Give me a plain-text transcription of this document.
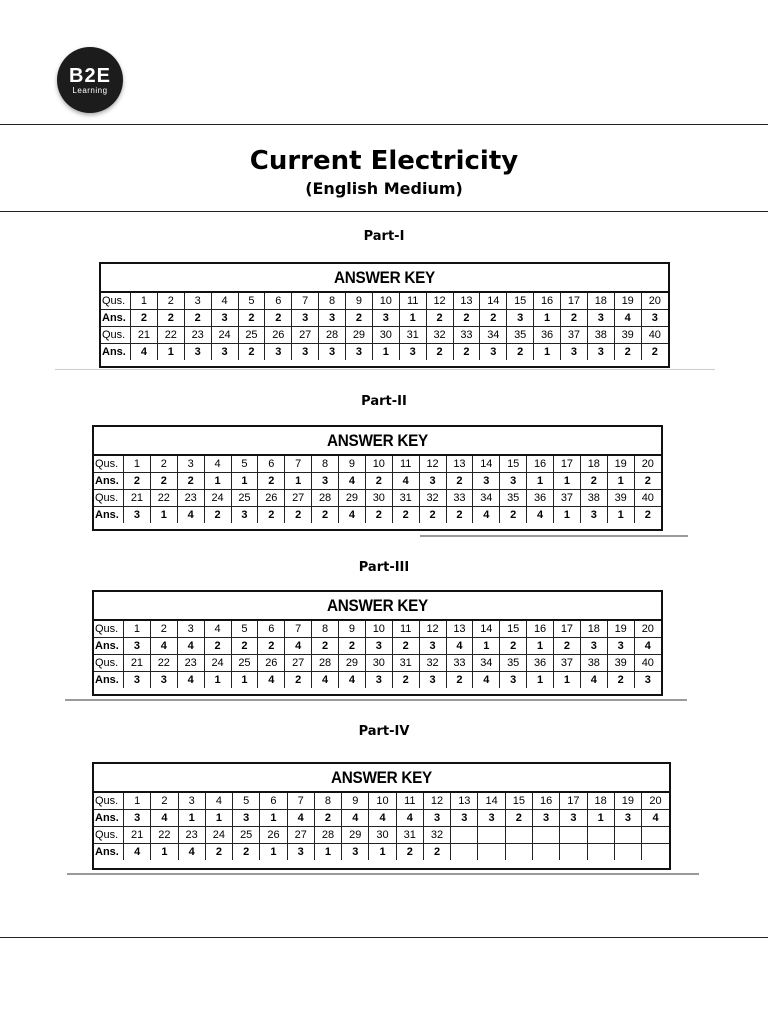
B2E
Learning
Current Electricity
(English Medium)
Part-I
ANSWER KEY
Qus.	1	2	3	4	5	6	7	8	9	10	11	12	13	14	15	16	17	18	19	20
Ans.	2	2	2	3	2	2	3	3	2	3	1	2	2	2	3	1	2	3	4	3
Qus.	21	22	23	24	25	26	27	28	29	30	31	32	33	34	35	36	37	38	39	40
Ans.	4	1	3	3	2	3	3	3	3	1	3	2	2	3	2	1	3	3	2	2
Part-II
ANSWER KEY
Qus.	1	2	3	4	5	6	7	8	9	10	11	12	13	14	15	16	17	18	19	20
Ans.	2	2	2	1	1	2	1	3	4	2	4	3	2	3	3	1	1	2	1	2
Qus.	21	22	23	24	25	26	27	28	29	30	31	32	33	34	35	36	37	38	39	40
Ans.	3	1	4	2	3	2	2	2	4	2	2	2	2	4	2	4	1	3	1	2
Part-III
ANSWER KEY
Qus.	1	2	3	4	5	6	7	8	9	10	11	12	13	14	15	16	17	18	19	20
Ans.	3	4	4	2	2	2	4	2	2	3	2	3	4	1	2	1	2	3	3	4
Qus.	21	22	23	24	25	26	27	28	29	30	31	32	33	34	35	36	37	38	39	40
Ans.	3	3	4	1	1	4	2	4	4	3	2	3	2	4	3	1	1	4	2	3
Part-IV
ANSWER KEY
Qus.	1	2	3	4	5	6	7	8	9	10	11	12	13	14	15	16	17	18	19	20
Ans.	3	4	1	1	3	1	4	2	4	4	4	3	3	3	2	3	3	1	3	4
Qus.	21	22	23	24	25	26	27	28	29	30	31	32								
Ans.	4	1	4	2	2	1	3	1	3	1	2	2								
